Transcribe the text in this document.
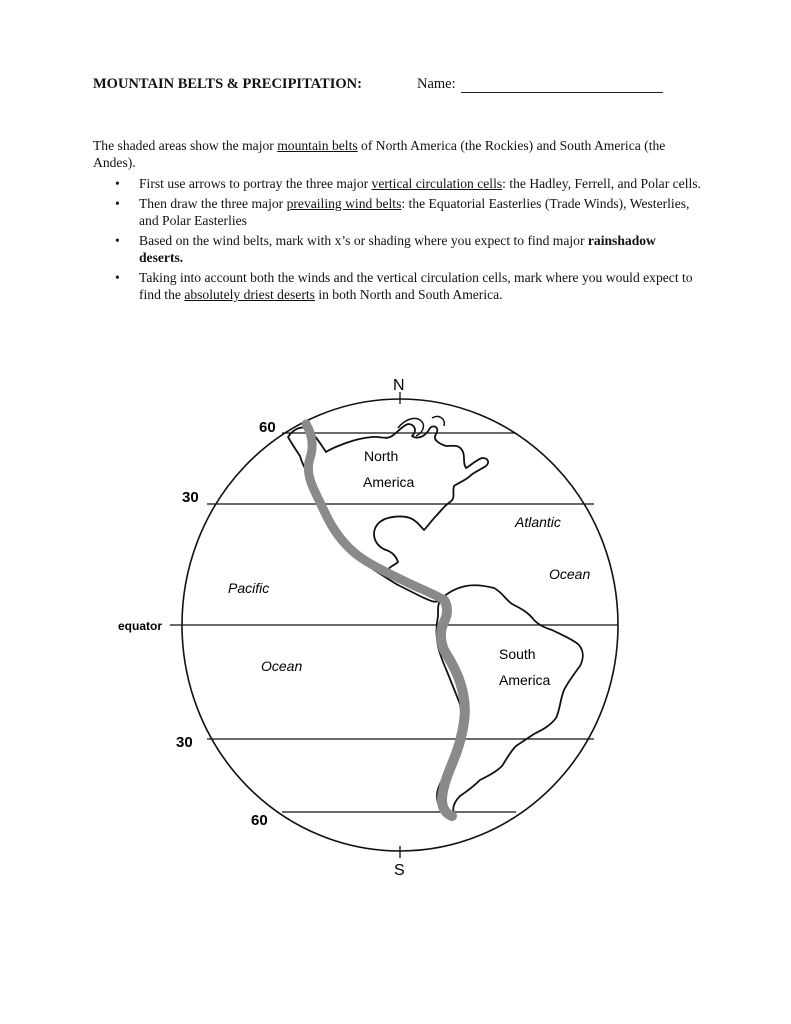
MOUNTAIN BELTS & PRECIPITATION:	Name:
The shaded areas show the major mountain belts of North America (the Rockies) and South America (the Andes).
• First use arrows to portray the three major vertical circulation cells: the Hadley, Ferrell, and Polar cells.
• Then draw the three major prevailing wind belts: the Equatorial Easterlies (Trade Winds), Westerlies, and Polar Easterlies
• Based on the wind belts, mark with x’s or shading where you expect to find major rainshadow deserts.
• Taking into account both the winds and the vertical circulation cells, mark where you would expect to find the absolutely driest deserts in both North and South America.
N
S
60
30
equator
30
60
North
America
Atlantic
Ocean
Pacific
Ocean
South
America
